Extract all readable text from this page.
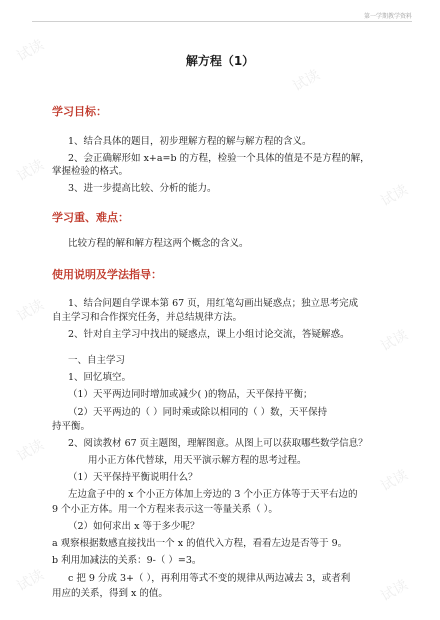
第一学期教学资料
解方程（1）
学习目标：
1、结合具体的题目，初步理解方程的解与解方程的含义。
2、会正确解形如 x+a=b 的方程，检验一个具体的值是不是方程的解，
掌握检验的格式。
3、进一步提高比较、分析的能力。
学习重、难点：
比较方程的解和解方程这两个概念的含义。
使用说明及学法指导：
1、结合问题自学课本第 67 页，用红笔勾画出疑惑点；独立思考完成
自主学习和合作探究任务，并总结规律方法。
2、针对自主学习中找出的疑惑点，课上小组讨论交流，答疑解惑。
一、自主学习
1、回忆填空。
（1）天平两边同时增加或减少( )的物品，天平保持平衡；
（2）天平两边的（ ）同时乘或除以相同的（ ）数，天平保持
持平衡。
2、阅读教材 67 页主题图，理解图意。从图上可以获取哪些数学信息？
用小正方体代替球，用天平演示解方程的思考过程。
（1）天平保持平衡说明什么？
左边盒子中的 x 个小正方体加上旁边的 3 个小正方体等于天平右边的
9 个小正方体。用一个方程来表示这一等量关系（ ）。
（2）如何求出 x 等于多少呢？
a 观察根据数感直接找出一个 x 的值代入方程，看看左边是否等于 9。
b 利用加减法的关系：9-（ ）=3。
c 把 9 分成 3+（ ），再利用等式不变的规律从两边减去 3，或者利
用应的关系，得到 x 的值。
试读
试读
试读
试读
试读
试读
试读
试读
试读	试读
